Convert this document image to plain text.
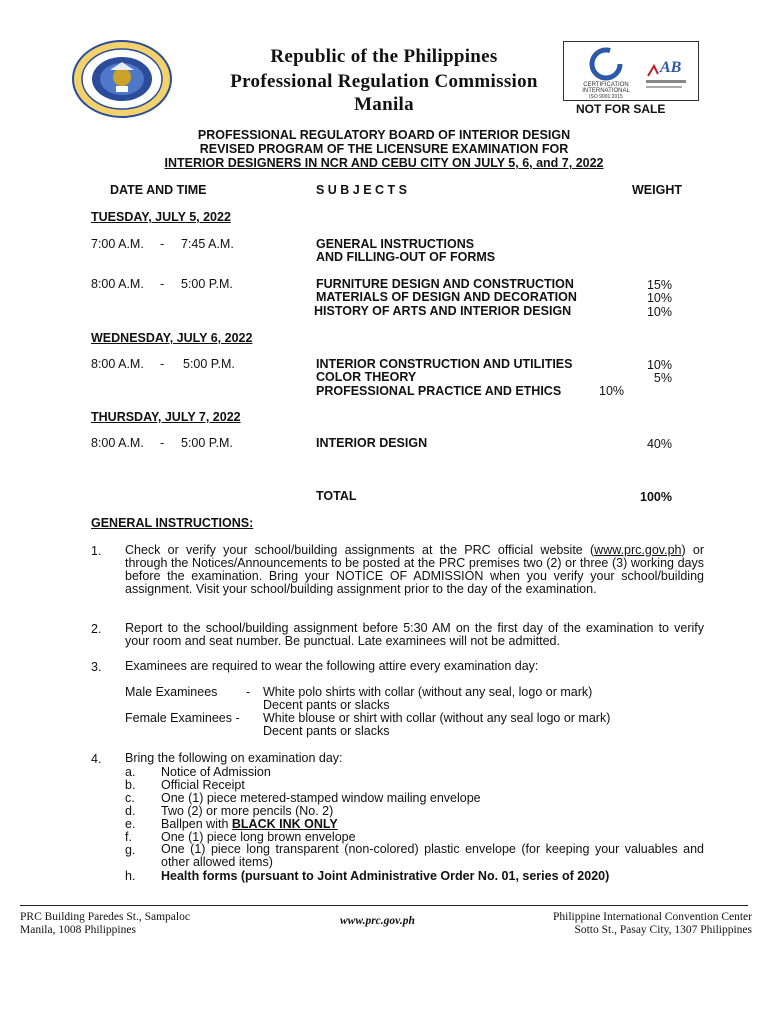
Republic of the Philippines
Professional Regulation Commission
Manila
CERTIFICATION
INTERNATIONAL
ISO 9001:2015
AB
NOT FOR SALE
PROFESSIONAL REGULATORY BOARD OF INTERIOR DESIGN
REVISED PROGRAM OF THE LICENSURE EXAMINATION FOR
INTERIOR DESIGNERS IN NCR AND CEBU CITY ON JULY 5, 6, and 7, 2022
DATE AND TIME	S U B J E C T S	WEIGHT
TUESDAY, JULY 5, 2022
7:00 A.M. - 7:45 A.M.	GENERAL INSTRUCTIONS
AND FILLING-OUT OF FORMS
8:00 A.M. - 5:00 P.M.	FURNITURE DESIGN AND CONSTRUCTION	15%
MATERIALS OF DESIGN AND DECORATION	10%
HISTORY OF ARTS AND INTERIOR DESIGN	10%
WEDNESDAY, JULY 6, 2022
8:00 A.M. - 5:00 P.M.	INTERIOR CONSTRUCTION AND UTILITIES	10%
COLOR THEORY	5%
PROFESSIONAL PRACTICE AND ETHICS	10%
THURSDAY, JULY 7, 2022
8:00 A.M. - 5:00 P.M.	INTERIOR DESIGN	40%
TOTAL	100%
GENERAL INSTRUCTIONS:
1. Check or verify your school/building assignments at the PRC official website (www.prc.gov.ph) or through the Notices/Announcements to be posted at the PRC premises two (2) or three (3) working days before the examination. Bring your NOTICE OF ADMISSION when you verify your school/building assignment. Visit your school/building assignment prior to the day of the examination.
2. Report to the school/building assignment before 5:30 AM on the first day of the examination to verify your room and seat number. Be punctual. Late examinees will not be admitted.
3. Examinees are required to wear the following attire every examination day:
Male Examinees - White polo shirts with collar (without any seal, logo or mark)
Decent pants or slacks
Female Examinees - White blouse or shirt with collar (without any seal logo or mark)
Decent pants or slacks
4. Bring the following on examination day:
a. Notice of Admission
b. Official Receipt
c. One (1) piece metered-stamped window mailing envelope
d. Two (2) or more pencils (No. 2)
e. Ballpen with BLACK INK ONLY
f. One (1) piece long brown envelope
g. One (1) piece long transparent (non-colored) plastic envelope (for keeping your valuables and other allowed items)
h. Health forms (pursuant to Joint Administrative Order No. 01, series of 2020)
PRC Building Paredes St., Sampaloc
Manila, 1008 Philippines
www.prc.gov.ph	Philippine International Convention Center
Sotto St., Pasay City, 1307 Philippines
